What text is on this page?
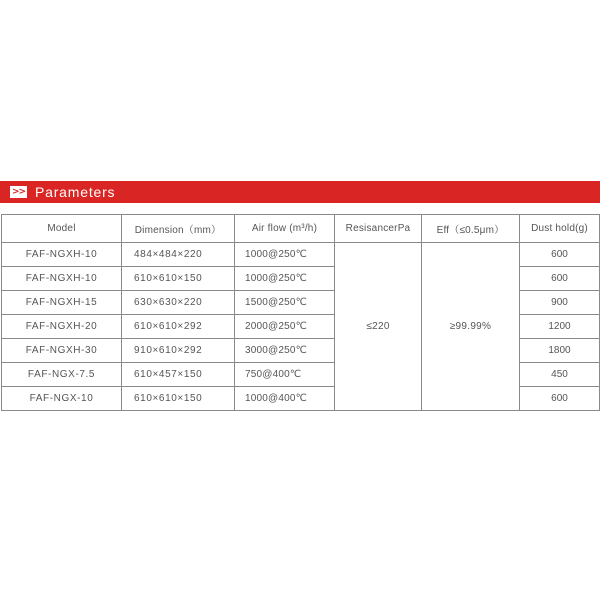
>> Parameters
Model	Dimension（mm）	Air flow (m³/h)	ResisancerPa	Eff（≤0.5μm）	Dust hold(g)
FAF-NGXH-10	484×484×220	1000@250℃	≤220	≥99.99%	600
FAF-NGXH-10	610×610×150	1000@250℃			600
FAF-NGXH-15	630×630×220	1500@250℃			900
FAF-NGXH-20	610×610×292	2000@250℃			1200
FAF-NGXH-30	910×610×292	3000@250℃			1800
FAF-NGX-7.5	610×457×150	750@400℃			450
FAF-NGX-10	610×610×150	1000@400℃			600
